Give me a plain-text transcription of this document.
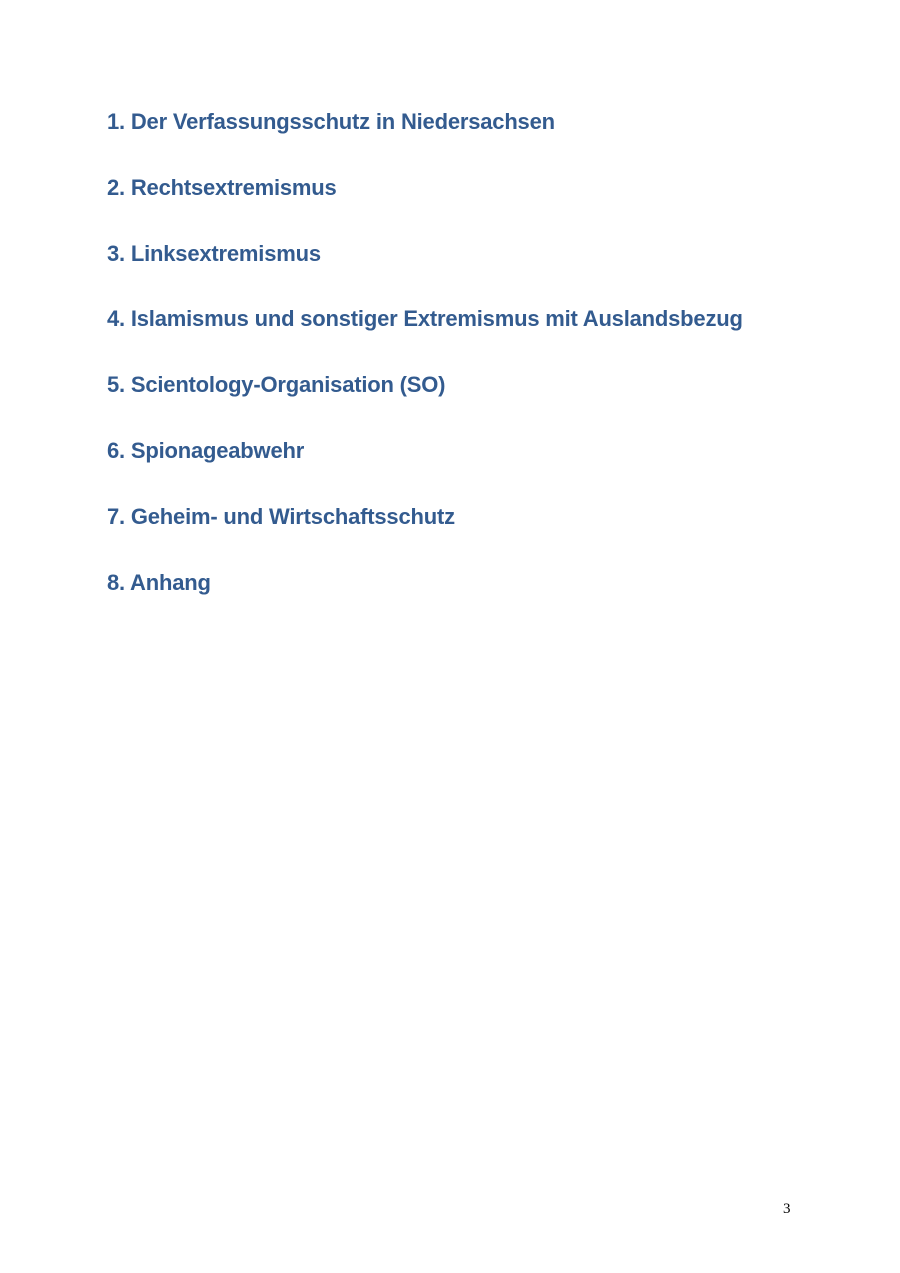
1. Der Verfassungsschutz in Niedersachsen
2. Rechtsextremismus
3. Linksextremismus
4. Islamismus und sonstiger Extremismus mit Auslandsbezug
5. Scientology-Organisation (SO)
6. Spionageabwehr
7. Geheim- und Wirtschaftsschutz
8. Anhang
3
